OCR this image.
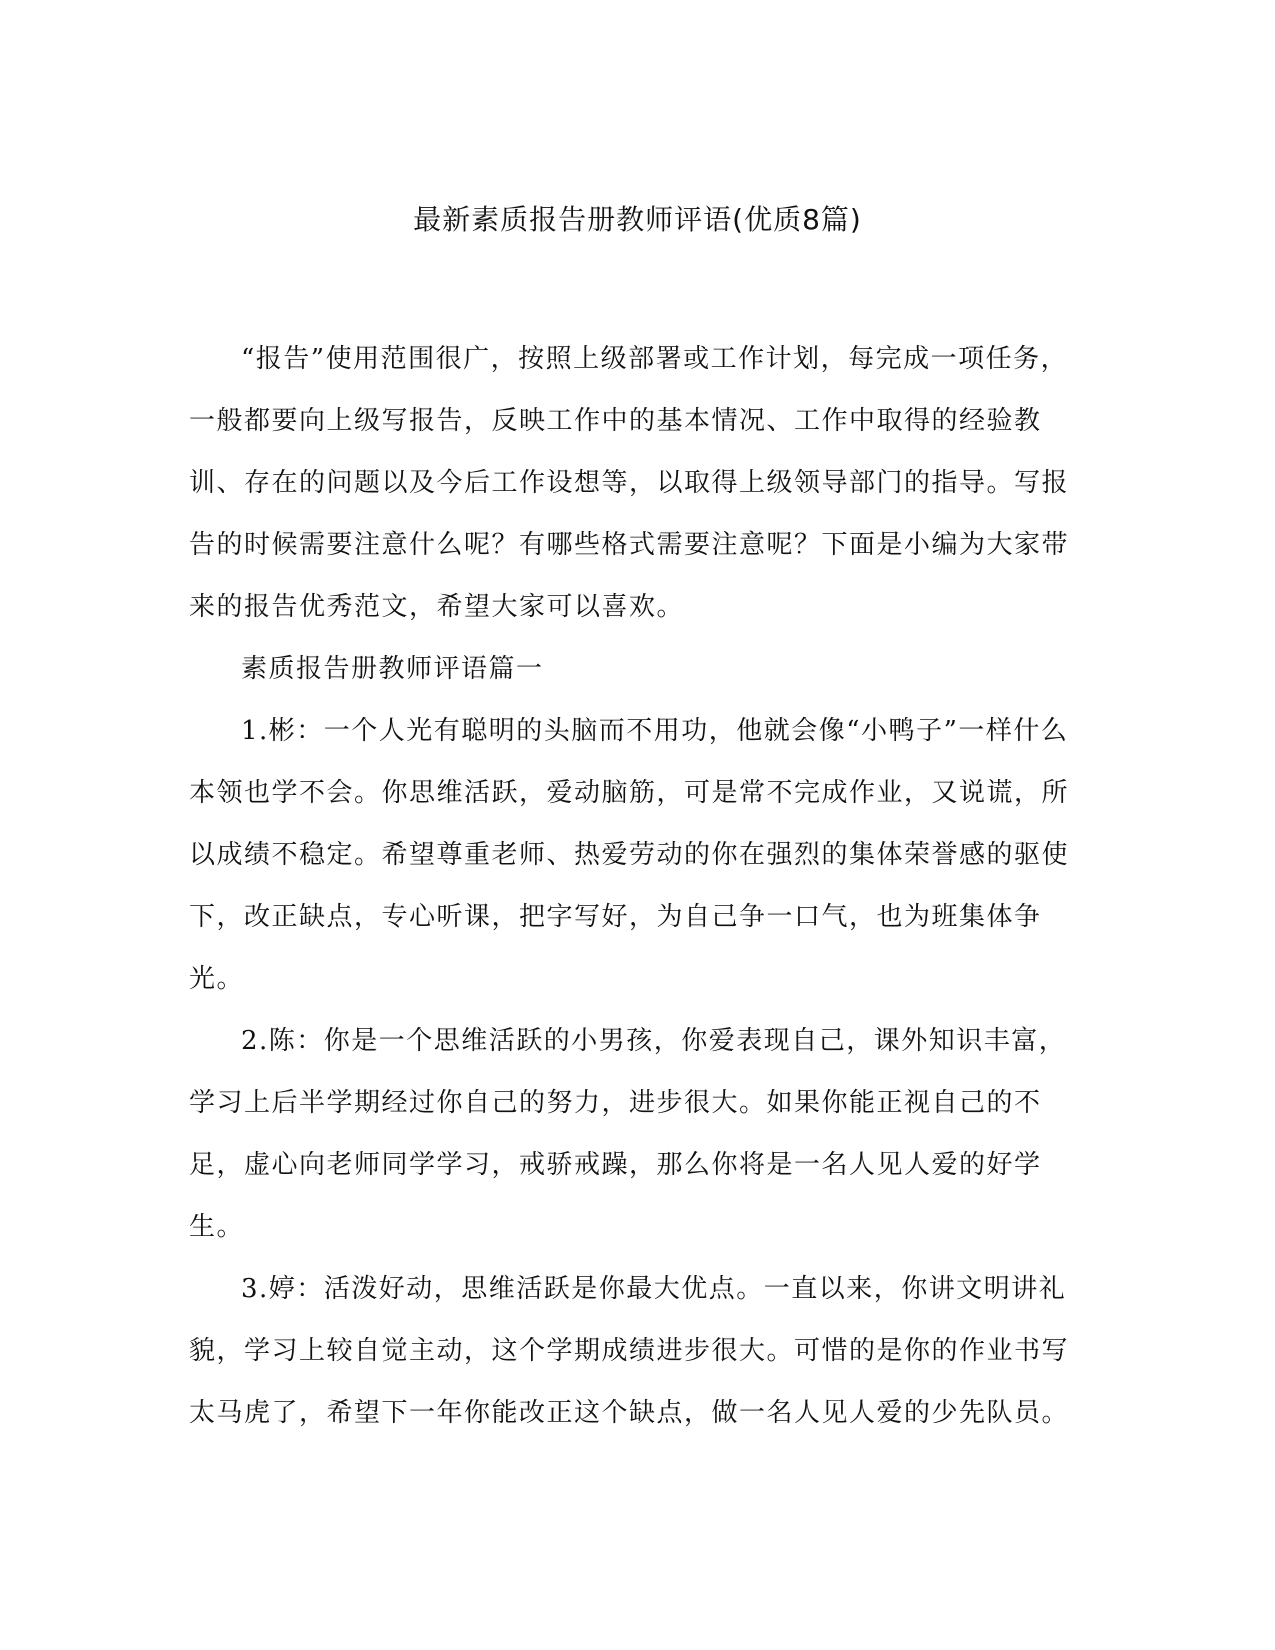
最新素质报告册教师评语(优质8篇)

“报告”使用范围很广，按照上级部署或工作计划，每完成一项任务，一般都要向上级写报告，反映工作中的基本情况、工作中取得的经验教训、存在的问题以及今后工作设想等，以取得上级领导部门的指导。写报告的时候需要注意什么呢？有哪些格式需要注意呢？下面是小编为大家带来的报告优秀范文，希望大家可以喜欢。

素质报告册教师评语篇一

1.彬：一个人光有聪明的头脑而不用功，他就会像“小鸭子”一样什么本领也学不会。你思维活跃，爱动脑筋，可是常不完成作业，又说谎，所以成绩不稳定。希望尊重老师、热爱劳动的你在强烈的集体荣誉感的驱使下，改正缺点，专心听课，把字写好，为自己争一口气，也为班集体争光。

2.陈：你是一个思维活跃的小男孩，你爱表现自己，课外知识丰富，学习上后半学期经过你自己的努力，进步很大。如果你能正视自己的不足，虚心向老师同学学习，戒骄戒躁，那么你将是一名人见人爱的好学生。

3.婷：活泼好动，思维活跃是你最大优点。一直以来，你讲文明讲礼貌，学习上较自觉主动，这个学期成绩进步很大。可惜的是你的作业书写太马虎了，希望下一年你能改正这个缺点，做一名人见人爱的少先队员。
